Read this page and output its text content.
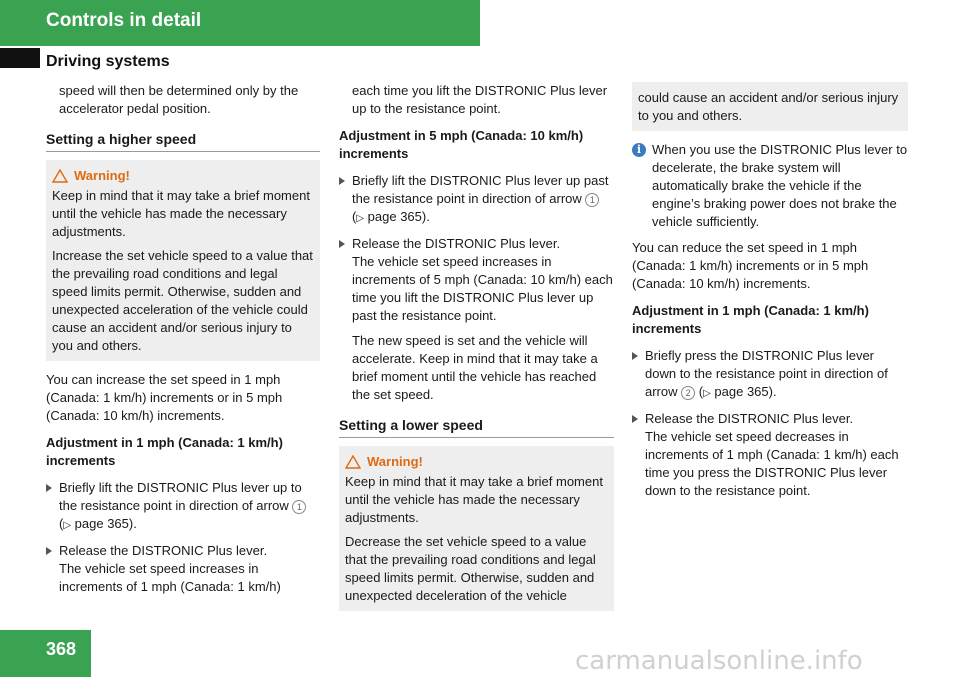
Controls in detail
Driving systems

speed will then be determined only by the accelerator pedal position.

Setting a higher speed
Warning!

Keep in mind that it may take a brief moment until the vehicle has made the necessary adjustments.

Increase the set vehicle speed to a value that the prevailing road conditions and legal speed limits permit. Otherwise, sudden and unexpected acceleration of the vehicle could cause an accident and/or serious injury to you and others.

You can increase the set speed in 1 mph (Canada: 1 km/h) increments or in 5 mph (Canada: 10 km/h) increments.

Adjustment in 1 mph (Canada: 1 km/h) increments

Briefly lift the DISTRONIC Plus lever up to the resistance point in direction of arrow 1 (▷ page 365).

Release the DISTRONIC Plus lever.
The vehicle set speed increases in increments of 1 mph (Canada: 1 km/h)

each time you lift the DISTRONIC Plus lever up to the resistance point.

Adjustment in 5 mph (Canada: 10 km/h) increments

Briefly lift the DISTRONIC Plus lever up past the resistance point in direction of arrow 1 (▷ page 365).

Release the DISTRONIC Plus lever.
The vehicle set speed increases in increments of 5 mph (Canada: 10 km/h) each time you lift the DISTRONIC Plus lever up past the resistance point.

The new speed is set and the vehicle will accelerate. Keep in mind that it may take a brief moment until the vehicle has reached the set speed.

Setting a lower speed
Warning!

Keep in mind that it may take a brief moment until the vehicle has made the necessary adjustments.

Decrease the set vehicle speed to a value that the prevailing road conditions and legal speed limits permit. Otherwise, sudden and unexpected deceleration of the vehicle

could cause an accident and/or serious injury to you and others.

i When you use the DISTRONIC Plus lever to decelerate, the brake system will automatically brake the vehicle if the engine’s braking power does not brake the vehicle sufficiently.

You can reduce the set speed in 1 mph (Canada: 1 km/h) increments or in 5 mph (Canada: 10 km/h) increments.

Adjustment in 1 mph (Canada: 1 km/h) increments

Briefly press the DISTRONIC Plus lever down to the resistance point in direction of arrow 2 (▷ page 365).

Release the DISTRONIC Plus lever.
The vehicle set speed decreases in increments of 1 mph (Canada: 1 km/h) each time you press the DISTRONIC Plus lever down to the resistance point.

368	carmanualsonline.info
